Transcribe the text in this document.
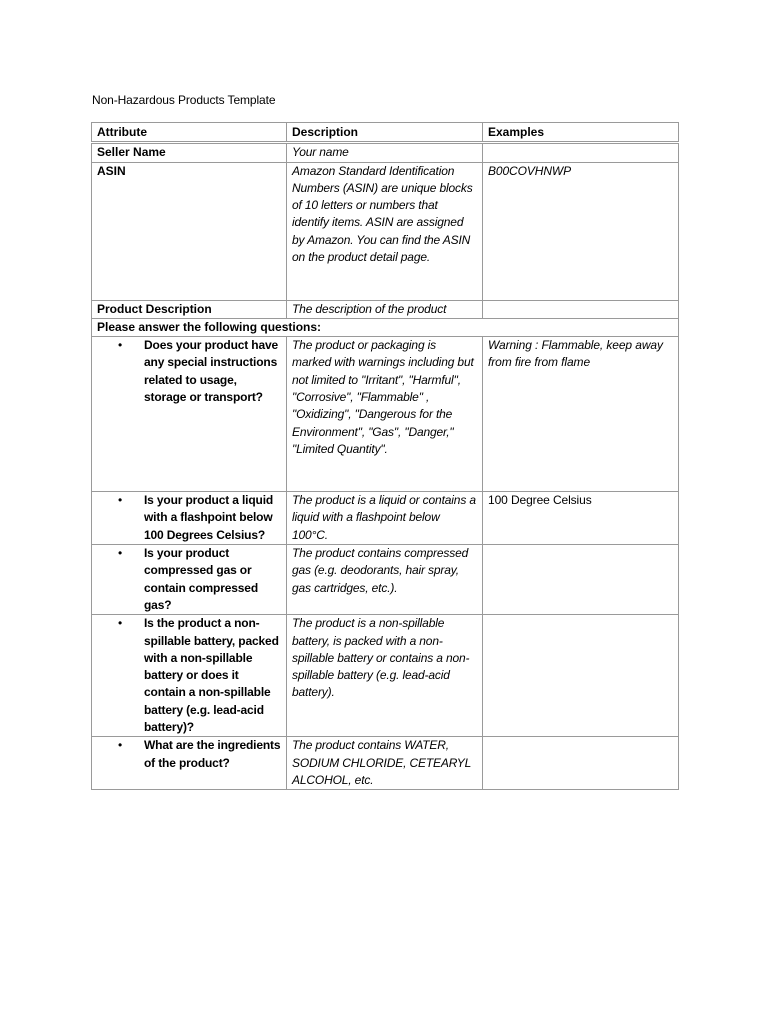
Non-Hazardous Products Template
Attribute	Description	Examples
Seller Name	Your name	
ASIN	Amazon Standard Identification Numbers (ASIN) are unique blocks of 10 letters or numbers that identify items. ASIN are assigned by Amazon. You can find the ASIN on the product detail page.	B00COVHNWP
Product Description	The description of the product	
Please answer the following questions:		

• Does your product have any special instructions related to usage, storage or transport?	The product or packaging is marked with warnings including but not limited to "Irritant", "Harmful", "Corrosive", "Flammable" , "Oxidizing", "Dangerous for the Environment", "Gas", "Danger," "Limited Quantity".	Warning : Flammable, keep away from fire from flame

• Is your product a liquid with a flashpoint below 100 Degrees Celsius?	The product is a liquid or contains a liquid with a flashpoint below 100°C.	100 Degree Celsius

• Is your product compressed gas or contain compressed gas?	The product contains compressed gas (e.g. deodorants, hair spray, gas cartridges, etc.).	

• Is the product a non-spillable battery, packed with a non-spillable battery or does it contain a non-spillable battery (e.g. lead-acid battery)?	The product is a non-spillable battery, is packed with a non-spillable battery or contains a non-spillable battery (e.g. lead-acid battery).	

• What are the ingredients of the product?	The product contains WATER, SODIUM CHLORIDE, CETEARYL ALCOHOL, etc.	
